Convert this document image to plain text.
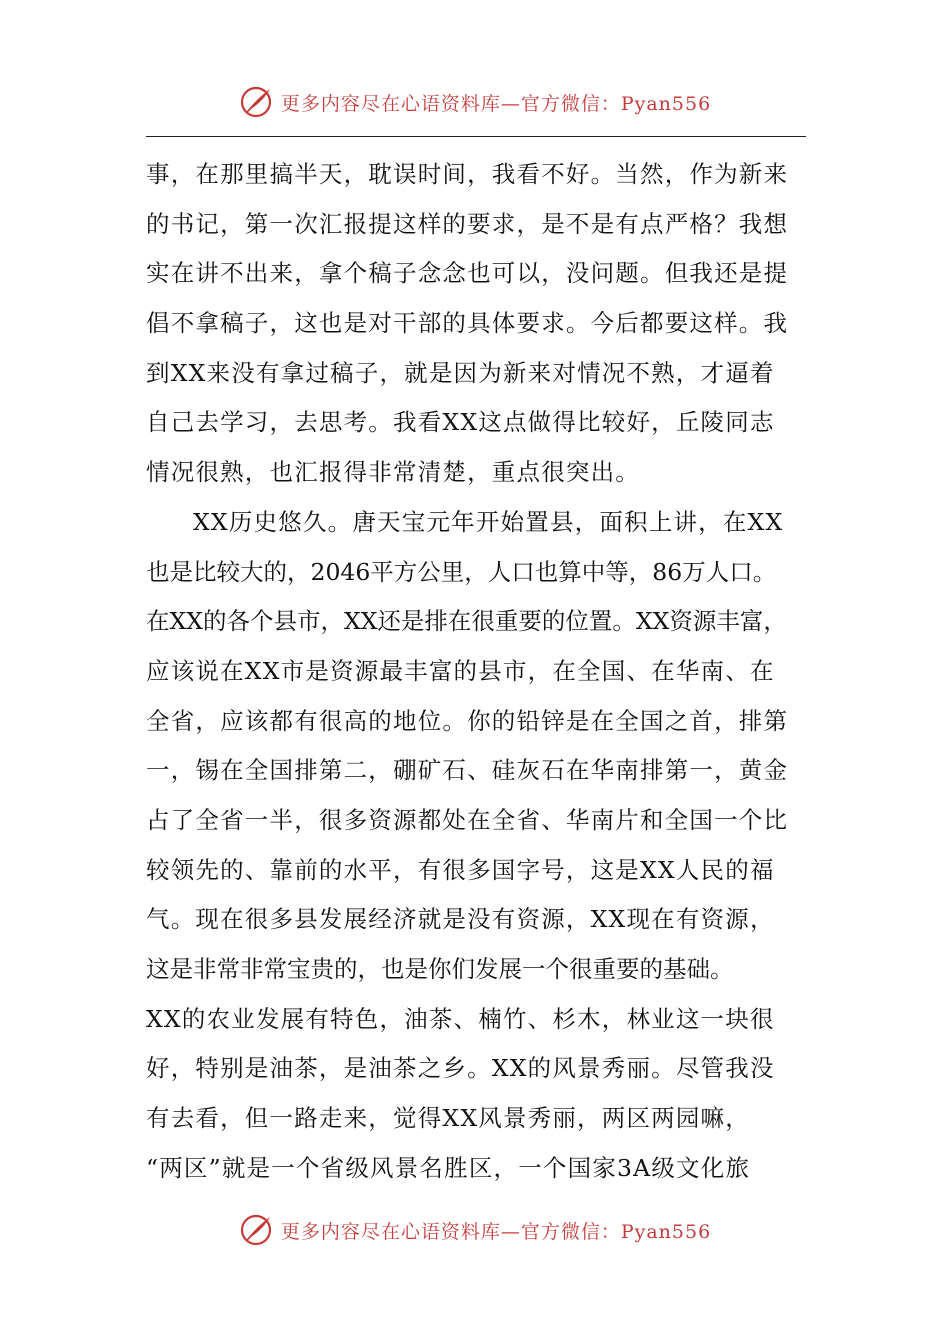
更多内容尽在心语资料库—官方微信：Pyan556
事，在那里搞半天，耽误时间，我看不好。当然，作为新来
的书记，第一次汇报提这样的要求，是不是有点严格？我想
实在讲不出来，拿个稿子念念也可以，没问题。但我还是提
倡不拿稿子，这也是对干部的具体要求。今后都要这样。我
到XX来没有拿过稿子，就是因为新来对情况不熟，才逼着
自己去学习，去思考。我看XX这点做得比较好，丘陵同志
情况很熟，也汇报得非常清楚，重点很突出。
XX历史悠久。唐天宝元年开始置县，面积上讲，在XX
也是比较大的，2046平方公里，人口也算中等，86万人口。
在XX的各个县市，XX还是排在很重要的位置。XX资源丰富，
应该说在XX市是资源最丰富的县市，在全国、在华南、在
全省，应该都有很高的地位。你的铅锌是在全国之首，排第
一，锡在全国排第二，硼矿石、硅灰石在华南排第一，黄金
占了全省一半，很多资源都处在全省、华南片和全国一个比
较领先的、靠前的水平，有很多国字号，这是XX人民的福
气。现在很多县发展经济就是没有资源，XX现在有资源，
这是非常非常宝贵的，也是你们发展一个很重要的基础。
XX的农业发展有特色，油茶、楠竹、杉木，林业这一块很
好，特别是油茶，是油茶之乡。XX的风景秀丽。尽管我没
有去看，但一路走来，觉得XX风景秀丽，两区两园嘛，
“两区”就是一个省级风景名胜区，一个国家3A级文化旅
更多内容尽在心语资料库—官方微信：Pyan556
